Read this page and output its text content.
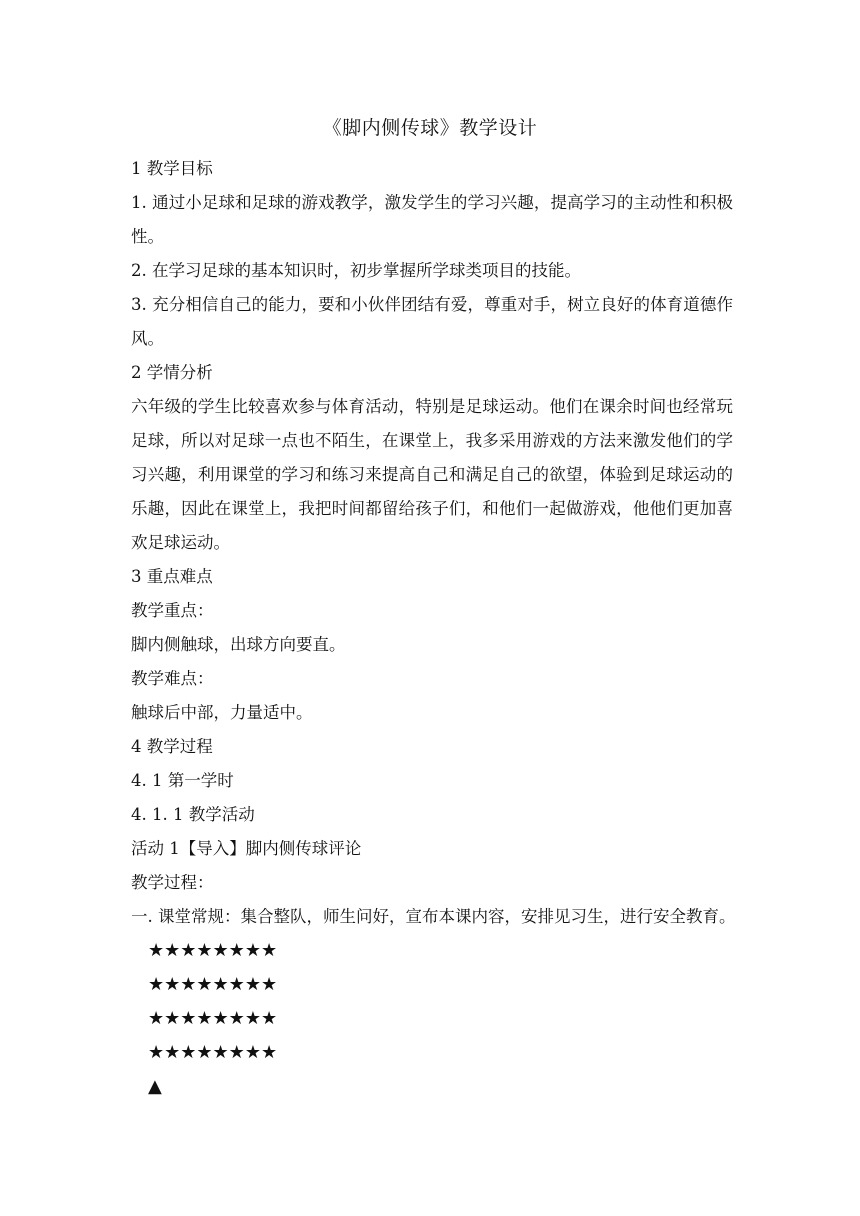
《脚内侧传球》教学设计
1 教学目标
1. 通过小足球和足球的游戏教学，激发学生的学习兴趣，提高学习的主动性和积极性。
2. 在学习足球的基本知识时，初步掌握所学球类项目的技能。
3. 充分相信自己的能力，要和小伙伴团结有爱，尊重对手，树立良好的体育道德作风。
2 学情分析
六年级的学生比较喜欢参与体育活动，特别是足球运动。他们在课余时间也经常玩足球，所以对足球一点也不陌生，在课堂上，我多采用游戏的方法来激发他们的学习兴趣，利用课堂的学习和练习来提高自己和满足自己的欲望，体验到足球运动的乐趣，因此在课堂上，我把时间都留给孩子们，和他们一起做游戏，他他们更加喜欢足球运动。
3 重点难点
教学重点：
脚内侧触球，出球方向要直。
教学难点：
触球后中部，力量适中。
4 教学过程
4. 1 第一学时
4. 1. 1 教学活动
活动 1【导入】脚内侧传球评论
教学过程：
一. 课堂常规：集合整队，师生问好，宣布本课内容，安排见习生，进行安全教育。
★★★★★★★★
★★★★★★★★
★★★★★★★★
★★★★★★★★
▲
